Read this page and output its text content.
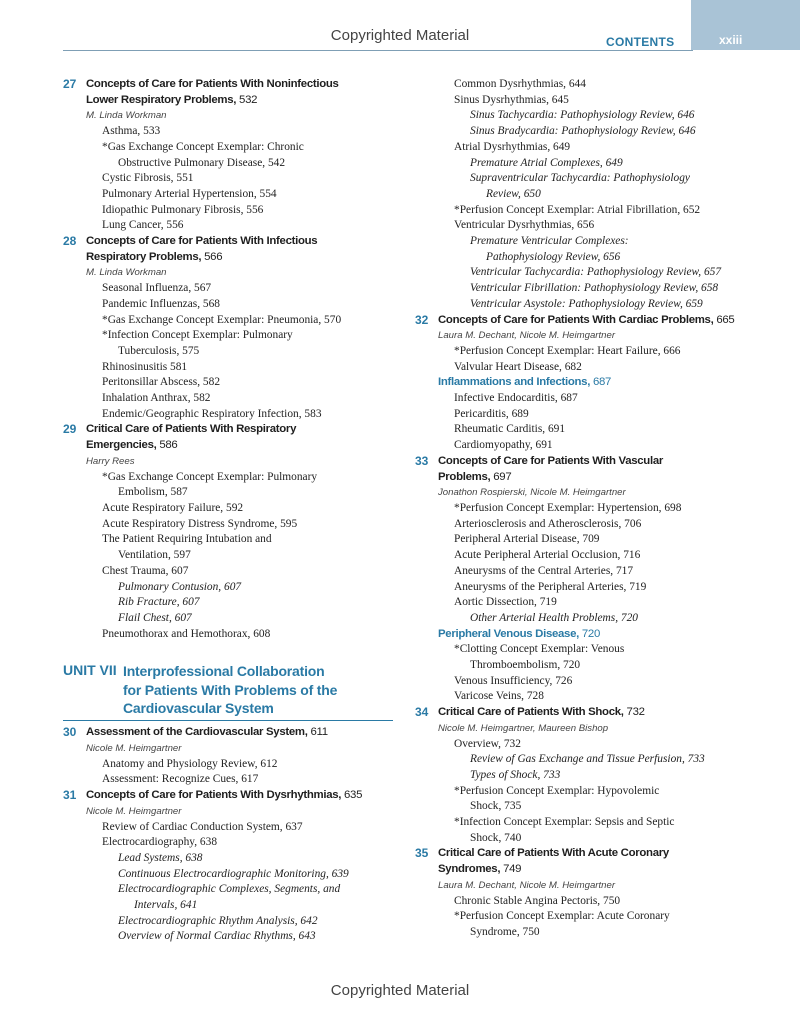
Copyrighted Material	CONTENTS	xxiii
27 Concepts of Care for Patients With Noninfectious
Lower Respiratory Problems, 532
M. Linda Workman
Asthma, 533
*Gas Exchange Concept Exemplar: Chronic
Obstructive Pulmonary Disease, 542
Cystic Fibrosis, 551
Pulmonary Arterial Hypertension, 554
Idiopathic Pulmonary Fibrosis, 556
Lung Cancer, 556
28 Concepts of Care for Patients With Infectious
Respiratory Problems, 566
M. Linda Workman
Seasonal Influenza, 567
Pandemic Influenzas, 568
*Gas Exchange Concept Exemplar: Pneumonia, 570
*Infection Concept Exemplar: Pulmonary
Tuberculosis, 575
Rhinosinusitis 581
Peritonsillar Abscess, 582
Inhalation Anthrax, 582
Endemic/Geographic Respiratory Infection, 583
29 Critical Care of Patients With Respiratory
Emergencies, 586
Harry Rees
*Gas Exchange Concept Exemplar: Pulmonary
Embolism, 587
Acute Respiratory Failure, 592
Acute Respiratory Distress Syndrome, 595
The Patient Requiring Intubation and
Ventilation, 597
Chest Trauma, 607
Pulmonary Contusion, 607
Rib Fracture, 607
Flail Chest, 607
Pneumothorax and Hemothorax, 608
UNIT VII Interprofessional Collaboration
for Patients With Problems of the
Cardiovascular System
30 Assessment of the Cardiovascular System, 611
Nicole M. Heimgartner
Anatomy and Physiology Review, 612
Assessment: Recognize Cues, 617
31 Concepts of Care for Patients With Dysrhythmias, 635
Nicole M. Heimgartner
Review of Cardiac Conduction System, 637
Electrocardiography, 638
Lead Systems, 638
Continuous Electrocardiographic Monitoring, 639
Electrocardiographic Complexes, Segments, and
Intervals, 641
Electrocardiographic Rhythm Analysis, 642
Overview of Normal Cardiac Rhythms, 643
Common Dysrhythmias, 644
Sinus Dysrhythmias, 645
Sinus Tachycardia: Pathophysiology Review, 646
Sinus Bradycardia: Pathophysiology Review, 646
Atrial Dysrhythmias, 649
Premature Atrial Complexes, 649
Supraventricular Tachycardia: Pathophysiology
Review, 650
*Perfusion Concept Exemplar: Atrial Fibrillation, 652
Ventricular Dysrhythmias, 656
Premature Ventricular Complexes:
Pathophysiology Review, 656
Ventricular Tachycardia: Pathophysiology Review, 657
Ventricular Fibrillation: Pathophysiology Review, 658
Ventricular Asystole: Pathophysiology Review, 659
32 Concepts of Care for Patients With Cardiac Problems, 665
Laura M. Dechant, Nicole M. Heimgartner
*Perfusion Concept Exemplar: Heart Failure, 666
Valvular Heart Disease, 682
Inflammations and Infections, 687
Infective Endocarditis, 687
Pericarditis, 689
Rheumatic Carditis, 691
Cardiomyopathy, 691
33 Concepts of Care for Patients With Vascular
Problems, 697
Jonathon Rospierski, Nicole M. Heimgartner
*Perfusion Concept Exemplar: Hypertension, 698
Arteriosclerosis and Atherosclerosis, 706
Peripheral Arterial Disease, 709
Acute Peripheral Arterial Occlusion, 716
Aneurysms of the Central Arteries, 717
Aneurysms of the Peripheral Arteries, 719
Aortic Dissection, 719
Other Arterial Health Problems, 720
Peripheral Venous Disease, 720
*Clotting Concept Exemplar: Venous
Thromboembolism, 720
Venous Insufficiency, 726
Varicose Veins, 728
34 Critical Care of Patients With Shock, 732
Nicole M. Heimgartner, Maureen Bishop
Overview, 732
Review of Gas Exchange and Tissue Perfusion, 733
Types of Shock, 733
*Perfusion Concept Exemplar: Hypovolemic
Shock, 735
*Infection Concept Exemplar: Sepsis and Septic
Shock, 740
35 Critical Care of Patients With Acute Coronary
Syndromes, 749
Laura M. Dechant, Nicole M. Heimgartner
Chronic Stable Angina Pectoris, 750
*Perfusion Concept Exemplar: Acute Coronary
Syndrome, 750
Copyrighted Material
